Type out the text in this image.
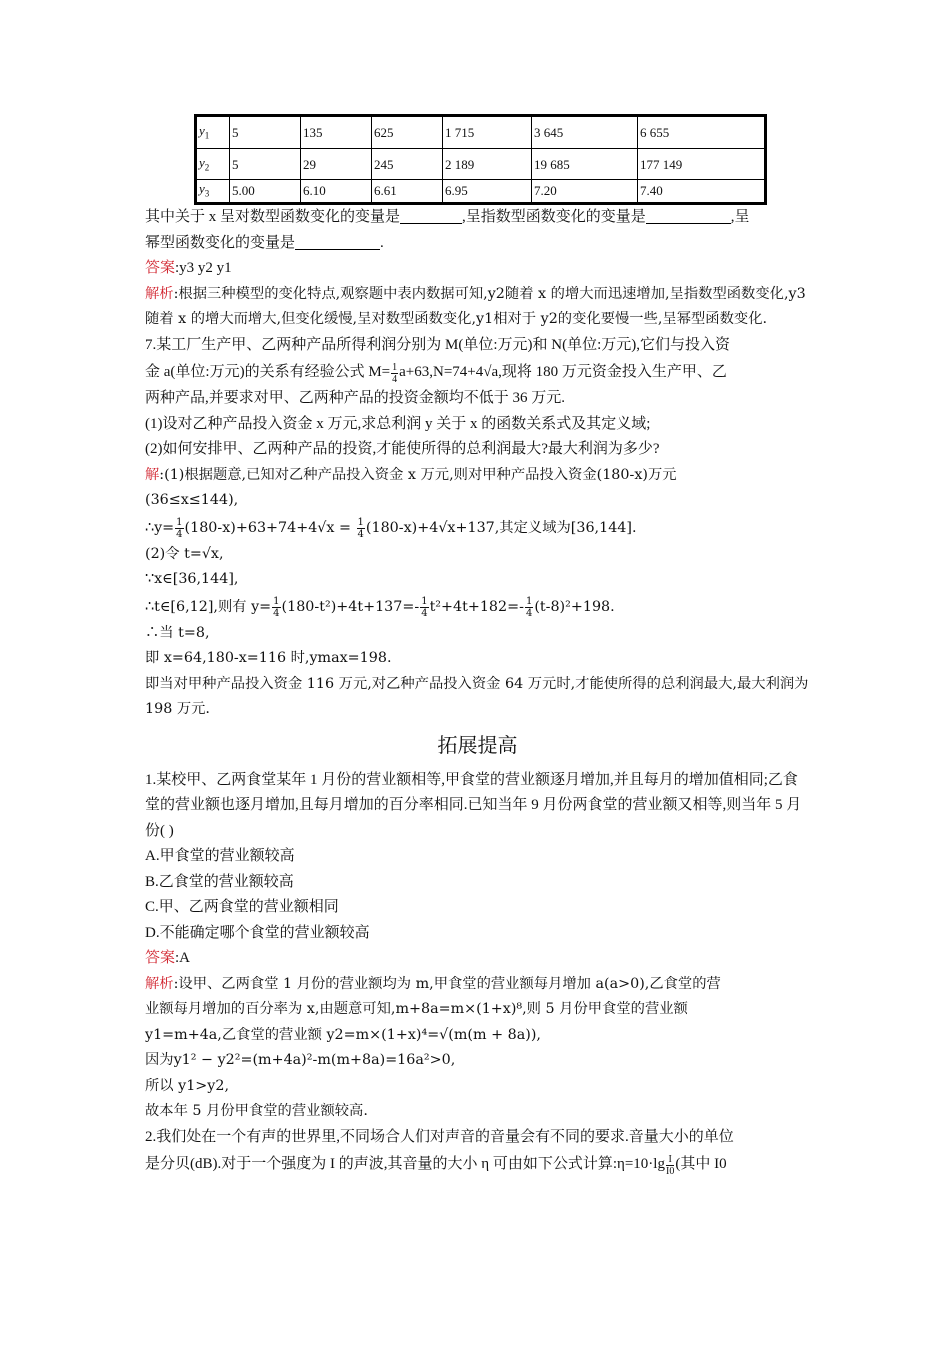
$y_1$	5	135	625	1 715	3 645	6 655
$y_2$	5	29	245	2 189	19 685	177 149
$y_3$	5.00	6.10	6.61	6.95	7.20	7.40

其中关于 x 呈对数型函数变化的变量是	,呈指数型函数变化的变量是	,呈
幂型函数变化的变量是	.

答案:y3 y2 y1

解析:根据三种模型的变化特点,观察题中表内数据可知,y2随着 x 的增大而迅速增加,呈指数型函数变化,y3随着 x 的增大而增大,但变化缓慢,呈对数型函数变化,y1相对于 y2的变化要慢一些,呈幂型函数变化.

7.某工厂生产甲、乙两种产品所得利润分别为 M(单位:万元)和 N(单位:万元),它们与投入资

金 a(单位:万元)的关系有经验公式 $M= \frac{1}{4} a+63,N=74+4√a$,现将 180 万元资金投入生产甲、乙

两种产品,并要求对甲、乙两种产品的投资金额均不低于 36 万元.

(1)设对乙种产品投入资金 x 万元,求总利润 y 关于 x 的函数关系式及其定义域;

(2)如何安排甲、乙两种产品的投资,才能使所得的总利润最大?最大利润为多少?

解:(1)根据题意,已知对乙种产品投入资金 x 万元,则对甲种产品投入资金(180-x)万元

(36≤x≤144),

∴y= $\frac{1}{4} (180-x)+63+74+4√x = \frac{1}{4} (180-x)+4√x+137$,其定义域为[36,144].

(2)令 t=√x,

∵x∈[36,144],

∴t∈[6,12],则有 $y= \frac{1}{4} (180-t^2)+4t+137=- \frac{1}{4} t^2+4t+182=- \frac{1}{4} (t-8)^2+198$.

∴当 t=8,

即 x=64,180-x=116 时,ymax=198.

即当对甲种产品投入资金 116 万元,对乙种产品投入资金 64 万元时,才能使所得的总利润最大,最大利润为 198 万元.

拓展提高

1.某校甲、乙两食堂某年 1 月份的营业额相等,甲食堂的营业额逐月增加,并且每月的增加值相同;乙食堂的营业额也逐月增加,且每月增加的百分率相同.已知当年 9 月份两食堂的营业额又相等,则当年 5 月份( )

A.甲食堂的营业额较高

B.乙食堂的营业额较高

C.甲、乙两食堂的营业额相同

D.不能确定哪个食堂的营业额较高

答案:A

解析:设甲、乙两食堂 1 月份的营业额均为 m,甲食堂的营业额每月增加 a(a>0),乙食堂的营

业额每月增加的百分率为 x,由题意可知,m+8a=m×(1+x)⁸,则 5 月份甲食堂的营业额

y1=m+4a,乙食堂的营业额 y2=m×(1+x)⁴=√(m(m + 8a)),

因为y1² − y2²=(m+4a)²-m(m+8a)=16a²>0,

所以 y1>y2,

故本年 5 月份甲食堂的营业额较高.

2.我们处在一个有声的世界里,不同场合人们对声音的音量会有不同的要求.音量大小的单位

是分贝(dB).对于一个强度为 I 的声波,其音量的大小 η 可由如下公式计算:η=10·lg $\frac{I}{I0}$ (其中 I0
